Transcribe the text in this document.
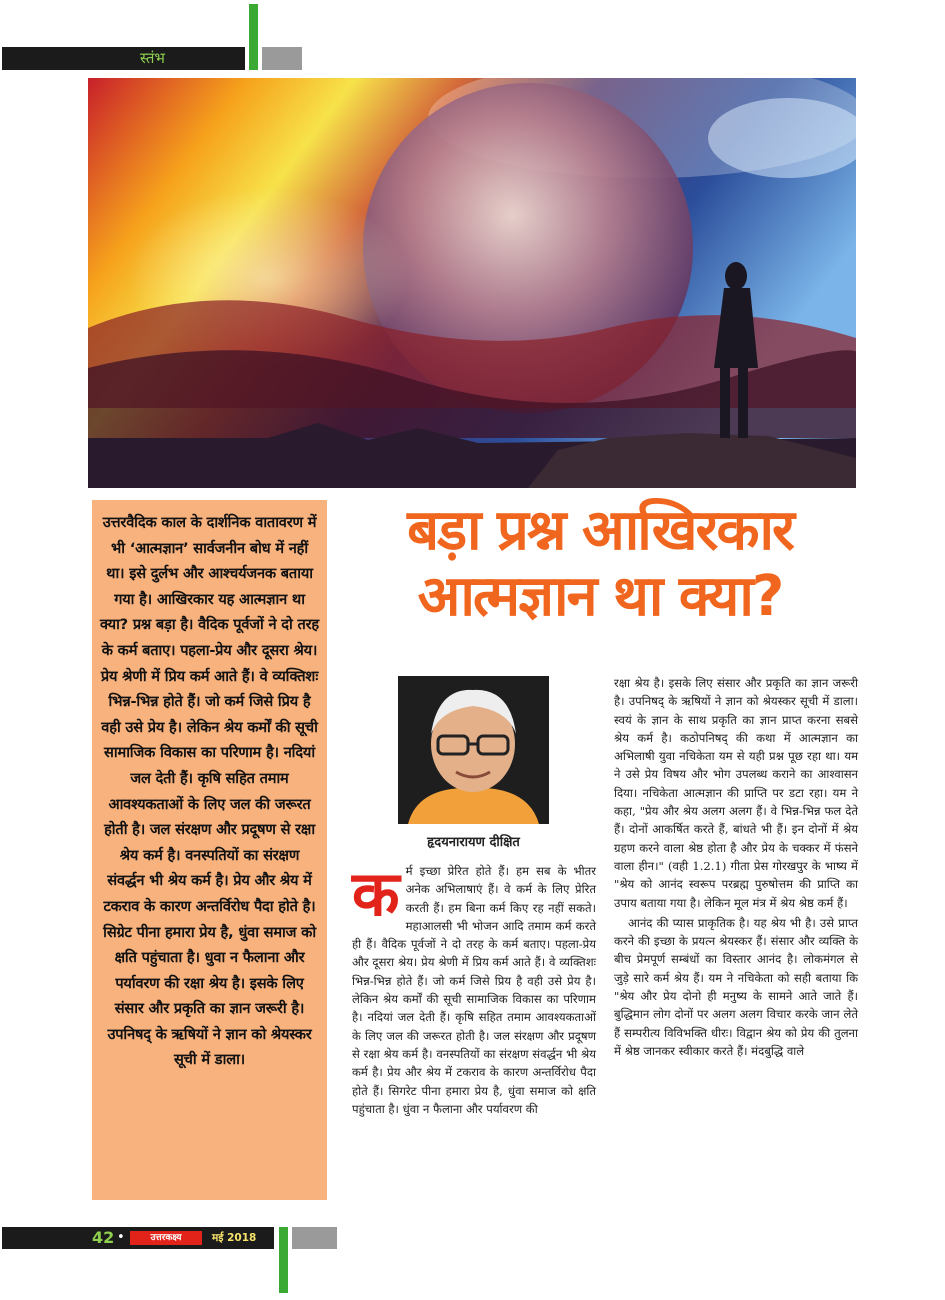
स्तंभ

उत्तरवैदिक काल के दार्शनिक वातावरण में भी ‘आत्मज्ञान’ सार्वजनीन बोध में नहीं था। इसे दुर्लभ और आश्चर्यजनक बताया गया है। आखिरकार यह आत्मज्ञान था क्या? प्रश्न बड़ा है। वैदिक पूर्वजों ने दो तरह के कर्म बताए। पहला-प्रेय और दूसरा श्रेय। प्रेय श्रेणी में प्रिय कर्म आते हैं। वे व्यक्तिशः भिन्न-भिन्न होते हैं। जो कर्म जिसे प्रिय है वही उसे प्रेय है। लेकिन श्रेय कर्मों की सूची सामाजिक विकास का परिणाम है। नदियां जल देती हैं। कृषि सहित तमाम आवश्यकताओं के लिए जल की जरूरत होती है। जल संरक्षण और प्रदूषण से रक्षा श्रेय कर्म है। वनस्पतियों का संरक्षण संवर्द्धन भी श्रेय कर्म है। प्रेय और श्रेय में टकराव के कारण अन्तर्विरोध पैदा होते है। सिग्रेट पीना हमारा प्रेय है, धुंवा समाज को क्षति पहुंचाता है। धुवा न फैलाना और पर्यावरण की रक्षा श्रेय है। इसके लिए संसार और प्रकृति का ज्ञान जरूरी है। उपनिषद् के ऋषियों ने ज्ञान को श्रेयस्कर सूची में डाला।

बड़ा प्रश्न आखिरकार
आत्मज्ञान था क्या?
हृदयनारायण दीक्षित
क र्म इच्छा प्रेरित होते हैं। हम सब के भीतर अनेक अभिलाषाएं हैं। वे कर्म के लिए प्रेरित करती हैं। हम बिना कर्म किए रह नहीं सकते। महाआलसी भी भोजन आदि तमाम कर्म करते ही हैं। वैदिक पूर्वजों ने दो तरह के कर्म बताए। पहला-प्रेय और दूसरा श्रेय। प्रेय श्रेणी में प्रिय कर्म आते हैं। वे व्यक्तिशः भिन्न-भिन्न होते हैं। जो कर्म जिसे प्रिय है वही उसे प्रेय है। लेकिन श्रेय कर्मों की सूची सामाजिक विकास का परिणाम है। नदियां जल देती हैं। कृषि सहित तमाम आवश्यकताओं के लिए जल की जरूरत होती है। जल संरक्षण और प्रदूषण से रक्षा श्रेय कर्म है। वनस्पतियों का संरक्षण संवर्द्धन भी श्रेय कर्म है। प्रेय और श्रेय में टकराव के कारण अन्तर्विरोध पैदा होते हैं। सिगरेट पीना हमारा प्रेय है, धुंवा समाज को क्षति पहुंचाता है। धुंवा न फैलाना और पर्यावरण की

रक्षा श्रेय है। इसके लिए संसार और प्रकृति का ज्ञान जरूरी है। उपनिषद् के ऋषियों ने ज्ञान को श्रेयस्कर सूची में डाला। स्वयं के ज्ञान के साथ प्रकृति का ज्ञान प्राप्त करना सबसे श्रेय कर्म है। कठोपनिषद् की कथा में आत्मज्ञान का अभिलाषी युवा नचिकेता यम से यही प्रश्न पूछ रहा था। यम ने उसे प्रेय विषय और भोग उपलब्ध कराने का आश्वासन दिया। नचिकेता आत्मज्ञान की प्राप्ति पर डटा रहा। यम ने कहा, "प्रेय और श्रेय अलग अलग हैं। वे भिन्न-भिन्न फल देते हैं। दोनों आकर्षित करते हैं, बांधते भी हैं। इन दोनों में श्रेय ग्रहण करने वाला श्रेष्ठ होता है और प्रेय के चक्कर में फंसने वाला हीन।" (वही 1.2.1) गीता प्रेस गोरखपुर के भाष्य में "श्रेय को आनंद स्वरूप परब्रह्म पुरुषोत्तम की प्राप्ति का उपाय बताया गया है। लेकिन मूल मंत्र में श्रेय श्रेष्ठ कर्म हैं।

आनंद की प्यास प्राकृतिक है। यह श्रेय भी है। उसे प्राप्त करने की इच्छा के प्रयत्न श्रेयस्कर हैं। संसार और व्यक्ति के बीच प्रेमपूर्ण सम्बंधों का विस्तार आनंद है। लोकमंगल से जुड़े सारे कर्म श्रेय हैं। यम ने नचिकेता को सही बताया कि "श्रेय और प्रेय दोनो ही मनुष्य के सामने आते जाते हैं। बुद्धिमान लोग दोनों पर अलग अलग विचार करके जान लेते हैं सम्परीत्य विविभक्ति धीरः। विद्वान श्रेय को प्रेय की तुलना में श्रेष्ठ जानकर स्वीकार करते हैं। मंदबुद्धि वाले

42 •	उत्तरकक्ष्य	मई 2018
